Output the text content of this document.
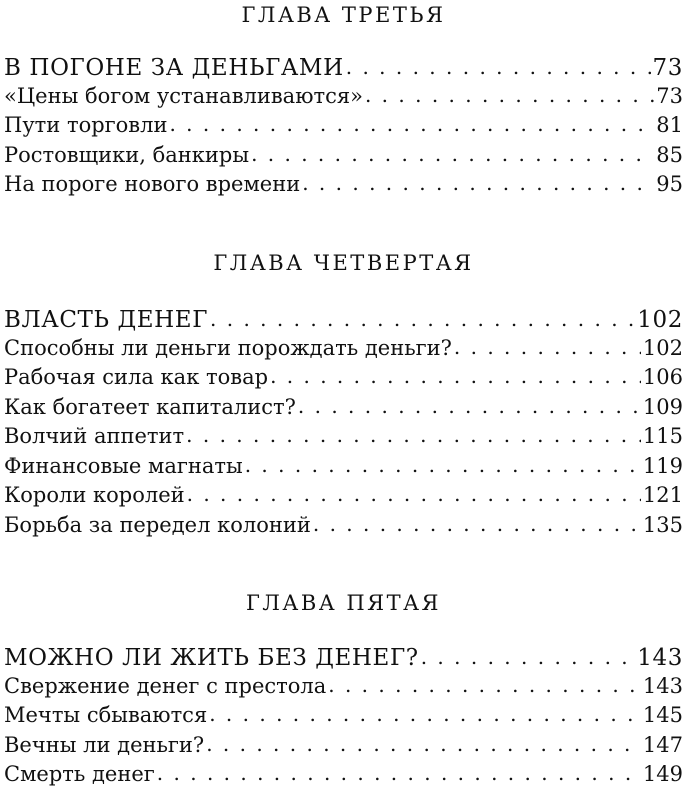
ГЛАВА ТРЕТЬЯ
В ПОГОНЕ ЗА ДЕНЬГАМИ . . .	73
«Цены богом устанавливаются» . . .	73
Пути торговли . . .	81
Ростовщики, банкиры . . .	85
На пороге нового времени . . .	95
ГЛАВА ЧЕТВЕРТАЯ
ВЛАСТЬ ДЕНЕГ . . .	102
Способны ли деньги порождать деньги? . . .	102
Рабочая сила как товар . . .	106
Как богатеет капиталист? . . .	109
Волчий аппетит . . .	115
Финансовые магнаты . . .	119
Короли королей . . .	121
Борьба за передел колоний . . .	135
ГЛАВА ПЯТАЯ
МОЖНО ЛИ ЖИТЬ БЕЗ ДЕНЕГ? . . .	143
Свержение денег с престола . . .	143
Мечты сбываются . . .	145
Вечны ли деньги? . . .	147
Смерть денег . . .	149
